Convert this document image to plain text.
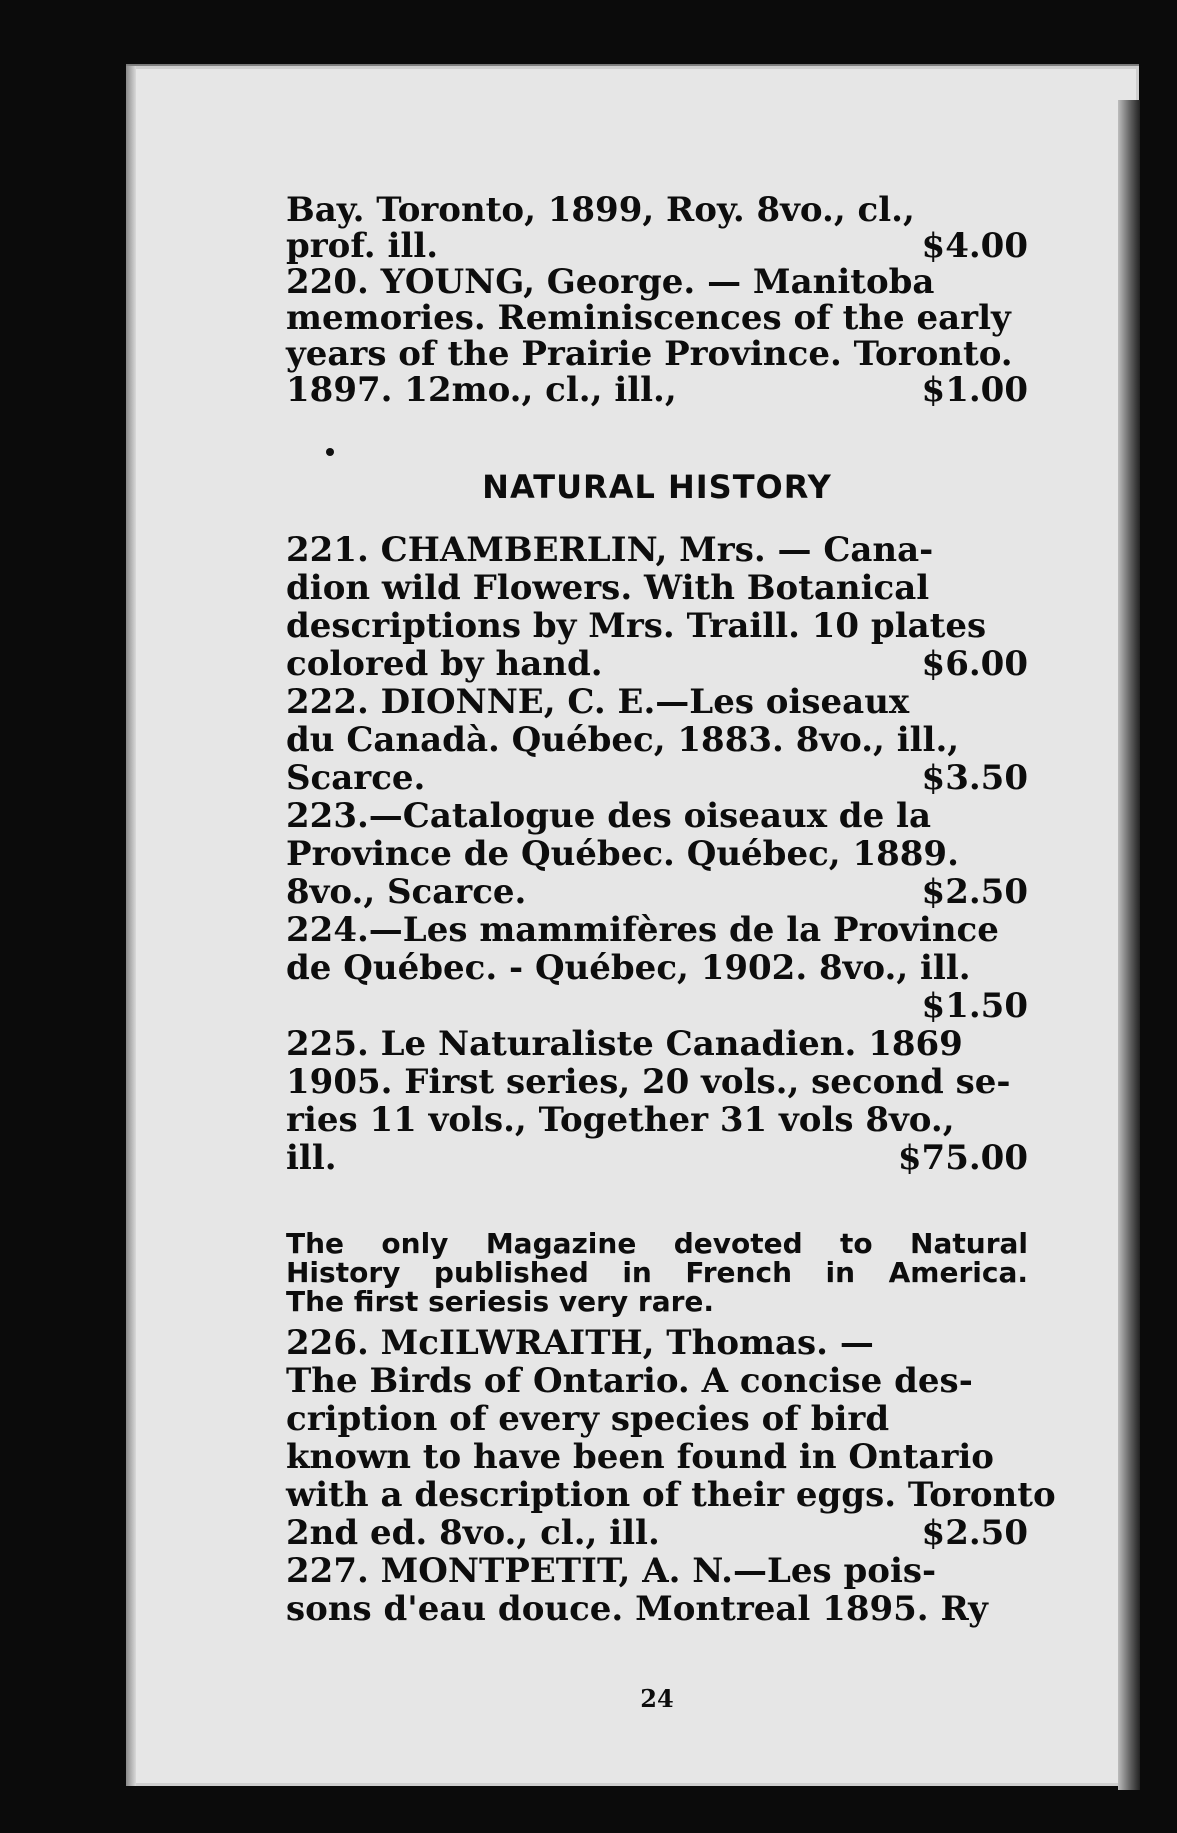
Bay. Toronto, 1899, Roy. 8vo., cl.,
prof. ill.	$4.00
220. YOUNG, George. — Manitoba
memories. Reminiscences of the early
years of the Prairie Province. Toronto.
1897. 12mo., cl., ill.,	$1.00
NATURAL HISTORY
221. CHAMBERLIN, Mrs. — Cana-
dion wild Flowers. With Botanical
descriptions by Mrs. Traill. 10 plates
colored by hand.	$6.00
222. DIONNE, C. E.—Les oiseaux
du Canadà. Québec, 1883. 8vo., ill.,
Scarce.	$3.50
223.—Catalogue des oiseaux de la
Province de Québec. Québec, 1889.
8vo., Scarce.	$2.50
224.—Les mammifères de la Province
de Québec. - Québec, 1902. 8vo., ill.
$1.50
225. Le Naturaliste Canadien. 1869
1905. First series, 20 vols., second se-
ries 11 vols., Together 31 vols 8vo.,
ill.	$75.00
The only Magazine devoted to Natural
History published in French in America.
The first seriesis very rare.
226. McILWRAITH, Thomas. —
The Birds of Ontario. A concise des-
cription of every species of bird
known to have been found in Ontario
with a description of their eggs. Toronto
2nd ed. 8vo., cl., ill.	$2.50
227. MONTPETIT, A. N.—Les pois-
sons d'eau douce. Montreal 1895. Ry
24
